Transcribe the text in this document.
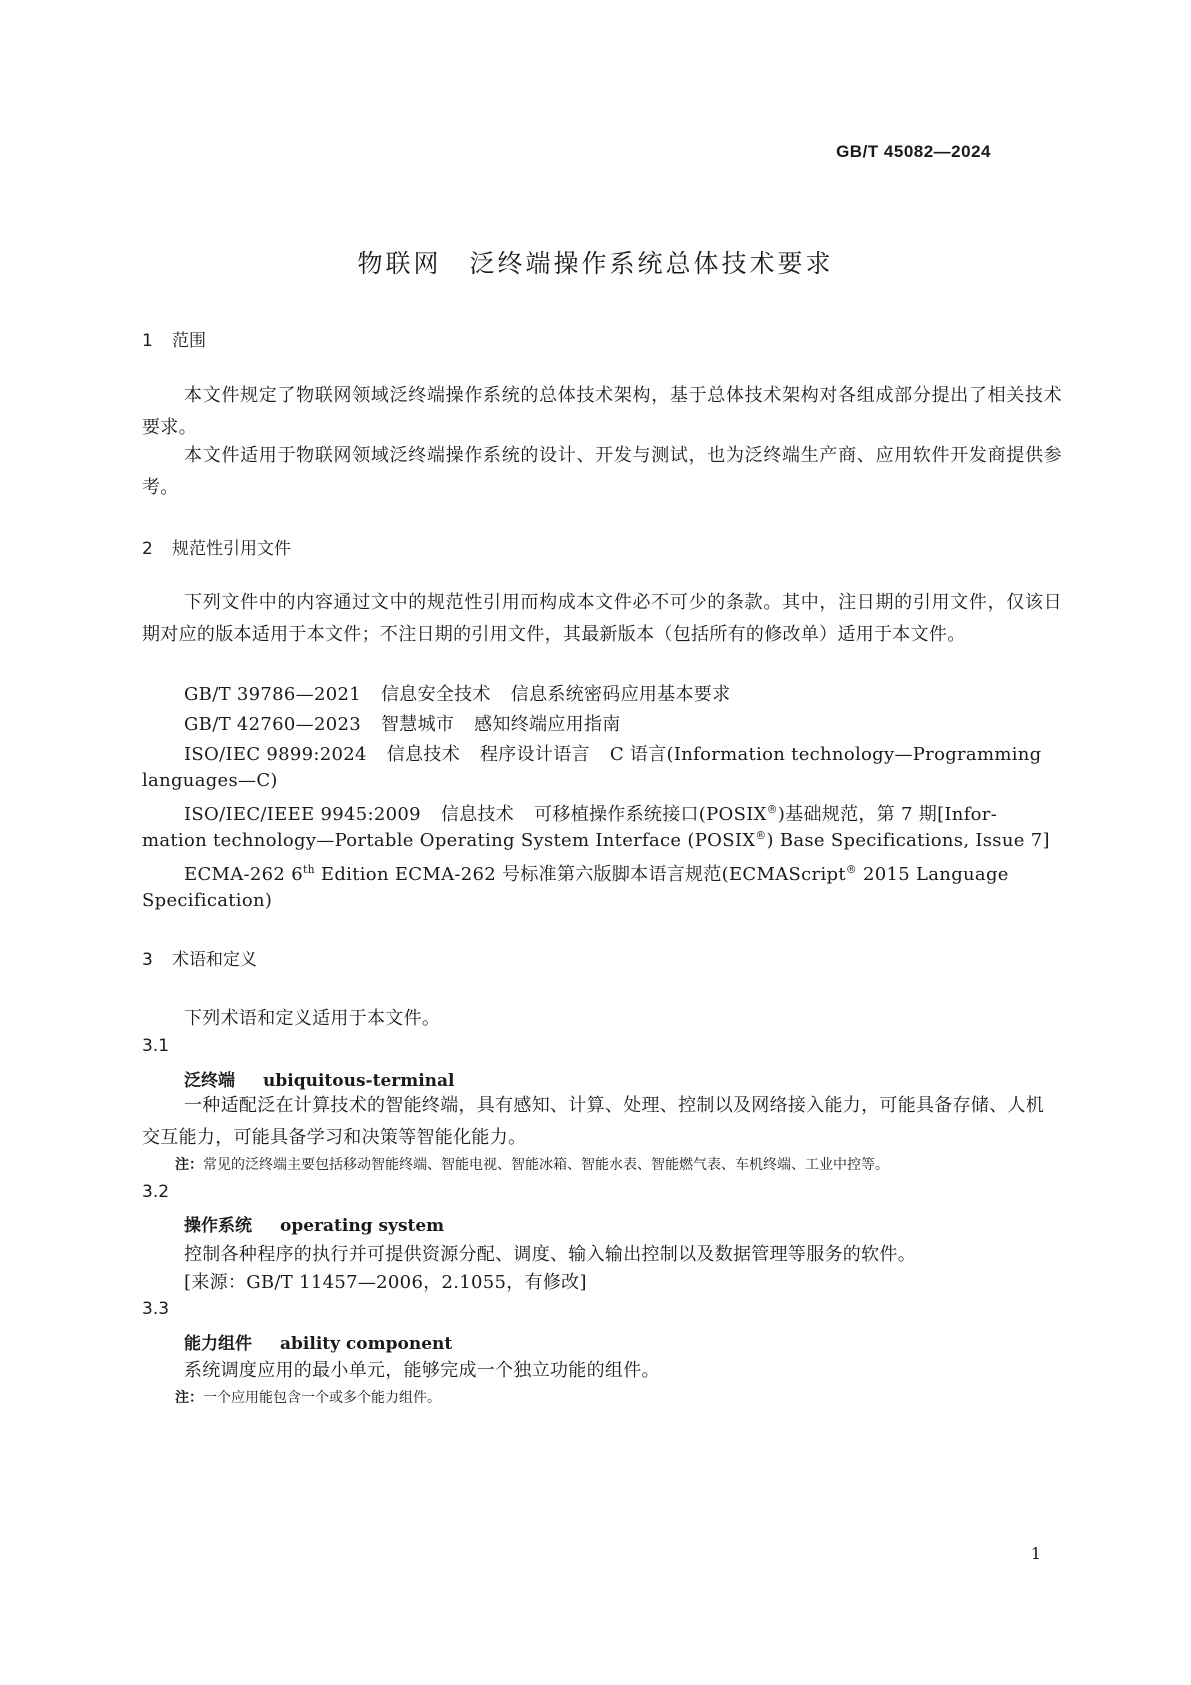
GB/T 45082—2024
物联网 泛终端操作系统总体技术要求
1 范围
本文件规定了物联网领域泛终端操作系统的总体技术架构，基于总体技术架构对各组成部分提出了相关技术要求。
本文件适用于物联网领域泛终端操作系统的设计、开发与测试，也为泛终端生产商、应用软件开发商提供参考。
2 规范性引用文件
下列文件中的内容通过文中的规范性引用而构成本文件必不可少的条款。其中，注日期的引用文件，仅该日期对应的版本适用于本文件；不注日期的引用文件，其最新版本（包括所有的修改单）适用于本文件。
GB/T 39786—2021 信息安全技术 信息系统密码应用基本要求
GB/T 42760—2023 智慧城市 感知终端应用指南
ISO/IEC 9899:2024 信息技术 程序设计语言 C 语言(Information technology—Programming
languages—C)
ISO/IEC/IEEE 9945:2009 信息技术 可移植操作系统接口(POSIX®)基础规范，第 7 期[Infor-
mation technology—Portable Operating System Interface (POSIX®) Base Specifications, Issue 7]
ECMA-262 6th Edition ECMA-262 号标准第六版脚本语言规范(ECMAScript® 2015 Language
Specification)
3 术语和定义
下列术语和定义适用于本文件。
3.1
泛终端 ubiquitous-terminal
一种适配泛在计算技术的智能终端，具有感知、计算、处理、控制以及网络接入能力，可能具备存储、人机交互能力，可能具备学习和决策等智能化能力。
注：常见的泛终端主要包括移动智能终端、智能电视、智能冰箱、智能水表、智能燃气表、车机终端、工业中控等。
3.2
操作系统 operating system
控制各种程序的执行并可提供资源分配、调度、输入输出控制以及数据管理等服务的软件。
[来源：GB/T 11457—2006，2.1055，有修改]
3.3
能力组件 ability component
系统调度应用的最小单元，能够完成一个独立功能的组件。
注：一个应用能包含一个或多个能力组件。
1
